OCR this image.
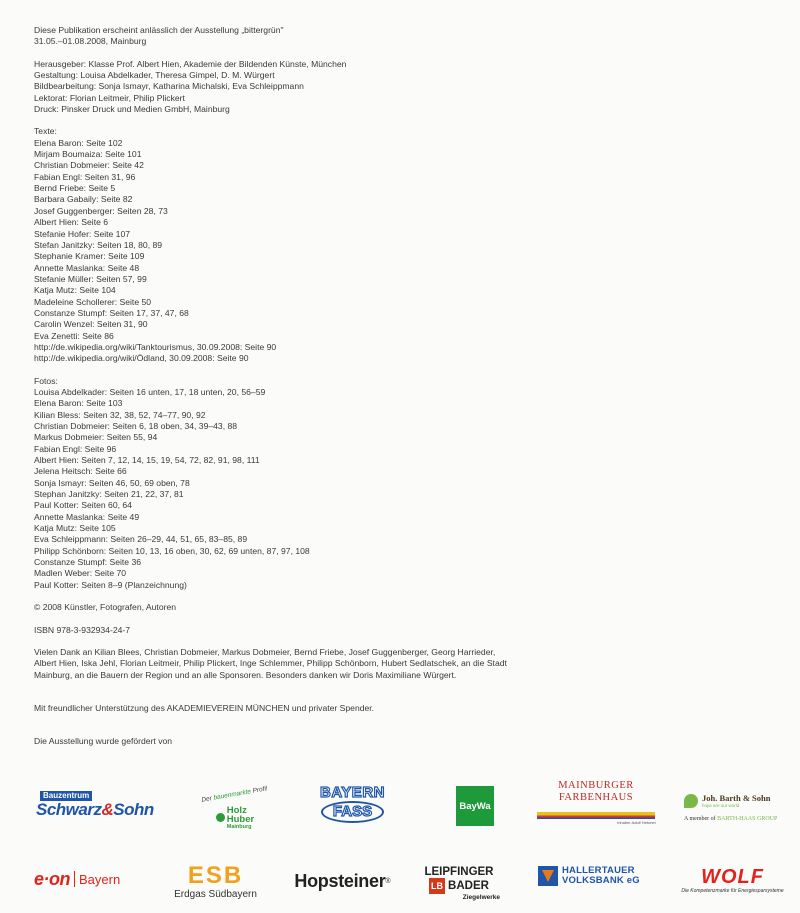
Diese Publikation erscheint anlässlich der Ausstellung „bittergrün"
31.05.–01.08.2008, Mainburg
Herausgeber: Klasse Prof. Albert Hien, Akademie der Bildenden Künste, München
Gestaltung: Louisa Abdelkader, Theresa Gimpel, D. M. Würgert
Bildbearbeitung: Sonja Ismayr, Katharina Michalski, Eva Schleippmann
Lektorat: Florian Leitmeir, Philip Plickert
Druck: Pinsker Druck und Medien GmbH, Mainburg
Texte:
Elena Baron: Seite 102
Mirjam Boumaiza: Seite 101
Christian Dobmeier: Seite 42
Fabian Engl: Seiten 31, 96
Bernd Friebe: Seite 5
Barbara Gabaily: Seite 82
Josef Guggenberger: Seiten 28, 73
Albert Hien: Seite 6
Stefanie Hofer: Seite 107
Stefan Janitzky: Seiten 18, 80, 89
Stephanie Kramer: Seite 109
Annette Maslanka: Seite 48
Stefanie Müller: Seiten 57, 99
Katja Mutz: Seite 104
Madeleine Schollerer: Seite 50
Constanze Stumpf: Seiten 17, 37, 47, 68
Carolin Wenzel: Seiten 31, 90
Eva Zenetti: Seite 86
http://de.wikipedia.org/wiki/Tanktourismus, 30.09.2008: Seite 90
http://de.wikipedia.org/wiki/Ödland, 30.09.2008: Seite 90
Fotos:
Louisa Abdelkader: Seiten 16 unten, 17, 18 unten, 20, 56–59
Elena Baron: Seite 103
Kilian Bless: Seiten 32, 38, 52, 74–77, 90, 92
Christian Dobmeier: Seiten 6, 18 oben, 34, 39–43, 88
Markus Dobmeier: Seiten 55, 94
Fabian Engl: Seite 96
Albert Hien: Seiten 7, 12, 14, 15, 19, 54, 72, 82, 91, 98, 111
Jelena Heitsch: Seite 66
Sonja Ismayr: Seiten 46, 50, 69 oben, 78
Stephan Janitzky: Seiten 21, 22, 37, 81
Paul Kotter: Seiten 60, 64
Annette Maslanka: Seite 49
Katja Mutz: Seite 105
Eva Schleippmann: Seiten 26–29, 44, 51, 65, 83–85, 89
Philipp Schönborn: Seiten 10, 13, 16 oben, 30, 62, 69 unten, 87, 97, 108
Constanze Stumpf: Seite 36
Madlen Weber: Seite 70
Paul Kotter: Seiten 8–9 (Planzeichnung)
© 2008 Künstler, Fotografen, Autoren
ISBN 978-3-932934-24-7
Vielen Dank an Kilian Blees, Christian Dobmeier, Markus Dobmeier, Bernd Friebe, Josef Guggenberger, Georg Harrieder,
Albert Hien, Iska Jehl, Florian Leitmeir, Philip Plickert, Inge Schlemmer, Philipp Schönborn, Hubert Sedlatschek, an die Stadt
Mainburg, an die Bauern der Region und an alle Sponsoren. Besonders danken wir Doris Maximiliane Würgert.
Mit freundlicher Unterstützung des AKADEMIEVEREIN MÜNCHEN und privater Spender.
Die Ausstellung wurde gefördert von
Bauzentrum
Schwarz&Sohn
Der bauenmarkte Profi!
Holz
Huber
Mainburg
BAYERN
FASS	BayWa
MAINBURGER
FARBENHAUS
Inhaber Adolf Hebmer
Joh. Barth & Sohn
hops are our world
A member of BARTH-HAAS GROUP
e·on Bayern	ESB
Erdgas Südbayern
Hopsteiner ®
LEIPFINGER
LB BADER
Ziegelwerke
HALLERTAUER
VOLKSBANK eG	WOLF
Die Kompetenzmarke für Energiesparsysteme
